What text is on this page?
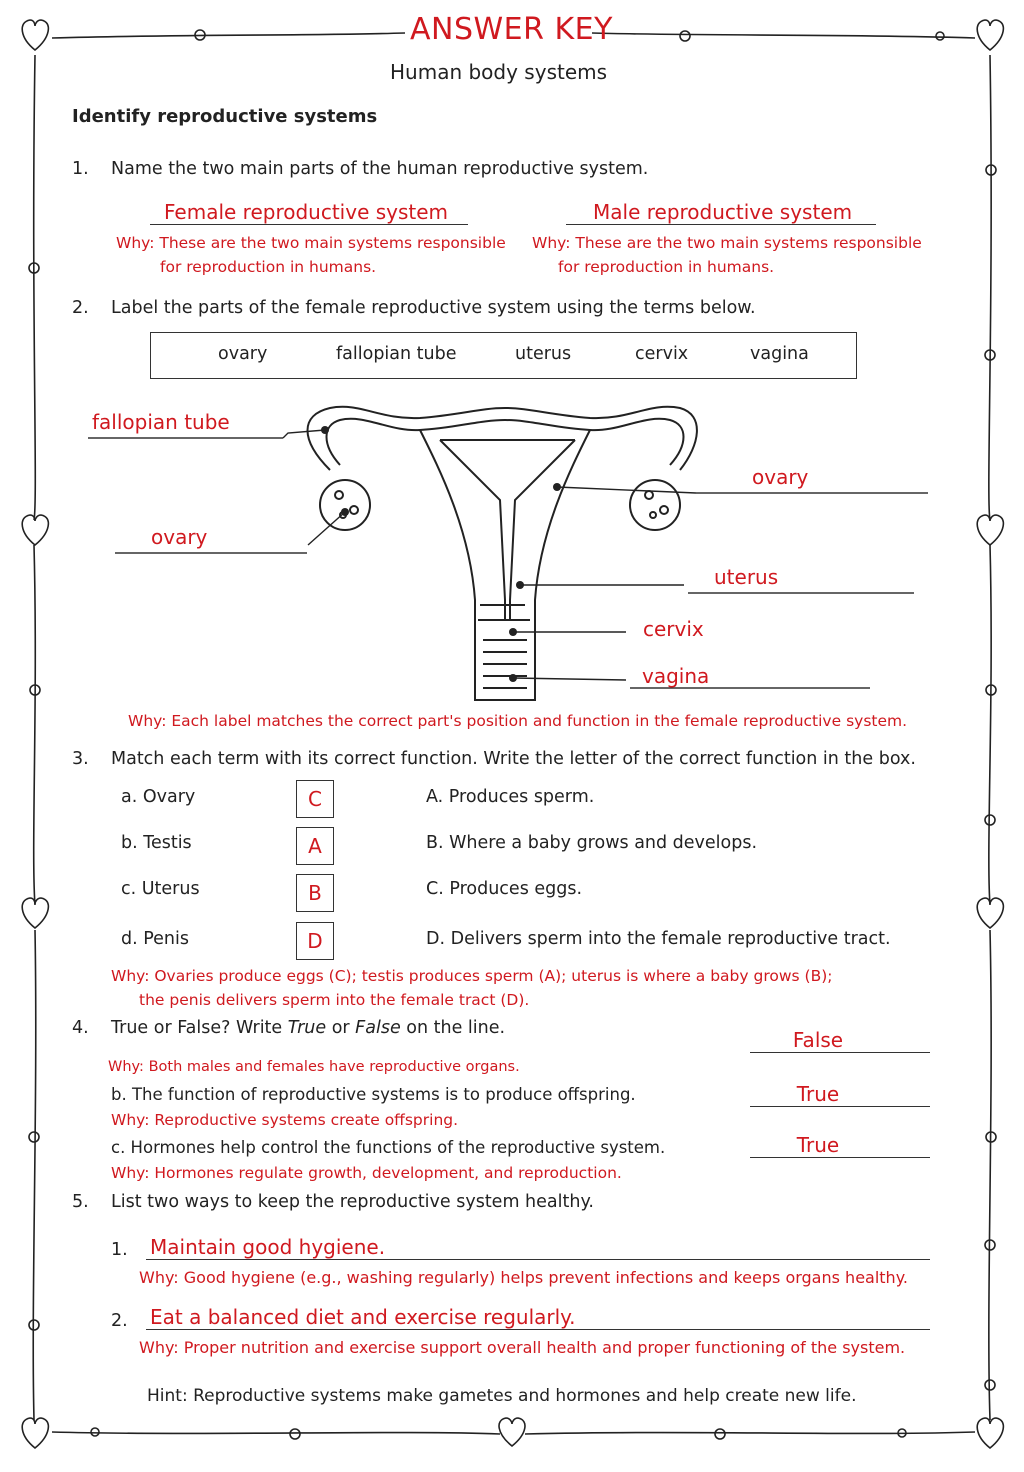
ANSWER KEY
Human body systems
Identify reproductive systems
1. Name the two main parts of the human reproductive system.
Female reproductive system
Why: These are the two main systems responsible
for reproduction in humans.
Male reproductive system
Why: These are the two main systems responsible
for reproduction in humans.
2. Label the parts of the female reproductive system using the terms below.
ovary	fallopian tube	uterus	cervix	vagina
fallopian tube
ovary
ovary
uterus
cervix
vagina
Why: Each label matches the correct part's position and function in the female reproductive system.
3. Match each term with its correct function. Write the letter of the correct function in the box.
a. Ovary	C	A. Produces sperm.
b. Testis	A	B. Where a baby grows and develops.
c. Uterus	B	C. Produces eggs.
d. Penis	D	D. Delivers sperm into the female reproductive tract.
Why: Ovaries produce eggs (C); testis produces sperm (A); uterus is where a baby grows (B);
the penis delivers sperm into the female tract (D).
4. True or False? Write True or False on the line.	False
Why: Both males and females have reproductive organs.
b. The function of reproductive systems is to produce offspring.	True
Why: Reproductive systems create offspring.
c. Hormones help control the functions of the reproductive system.	True
Why: Hormones regulate growth, development, and reproduction.
5. List two ways to keep the reproductive system healthy.
1. Maintain good hygiene.
Why: Good hygiene (e.g., washing regularly) helps prevent infections and keeps organs healthy.
2. Eat a balanced diet and exercise regularly.
Why: Proper nutrition and exercise support overall health and proper functioning of the system.
Hint: Reproductive systems make gametes and hormones and help create new life.
